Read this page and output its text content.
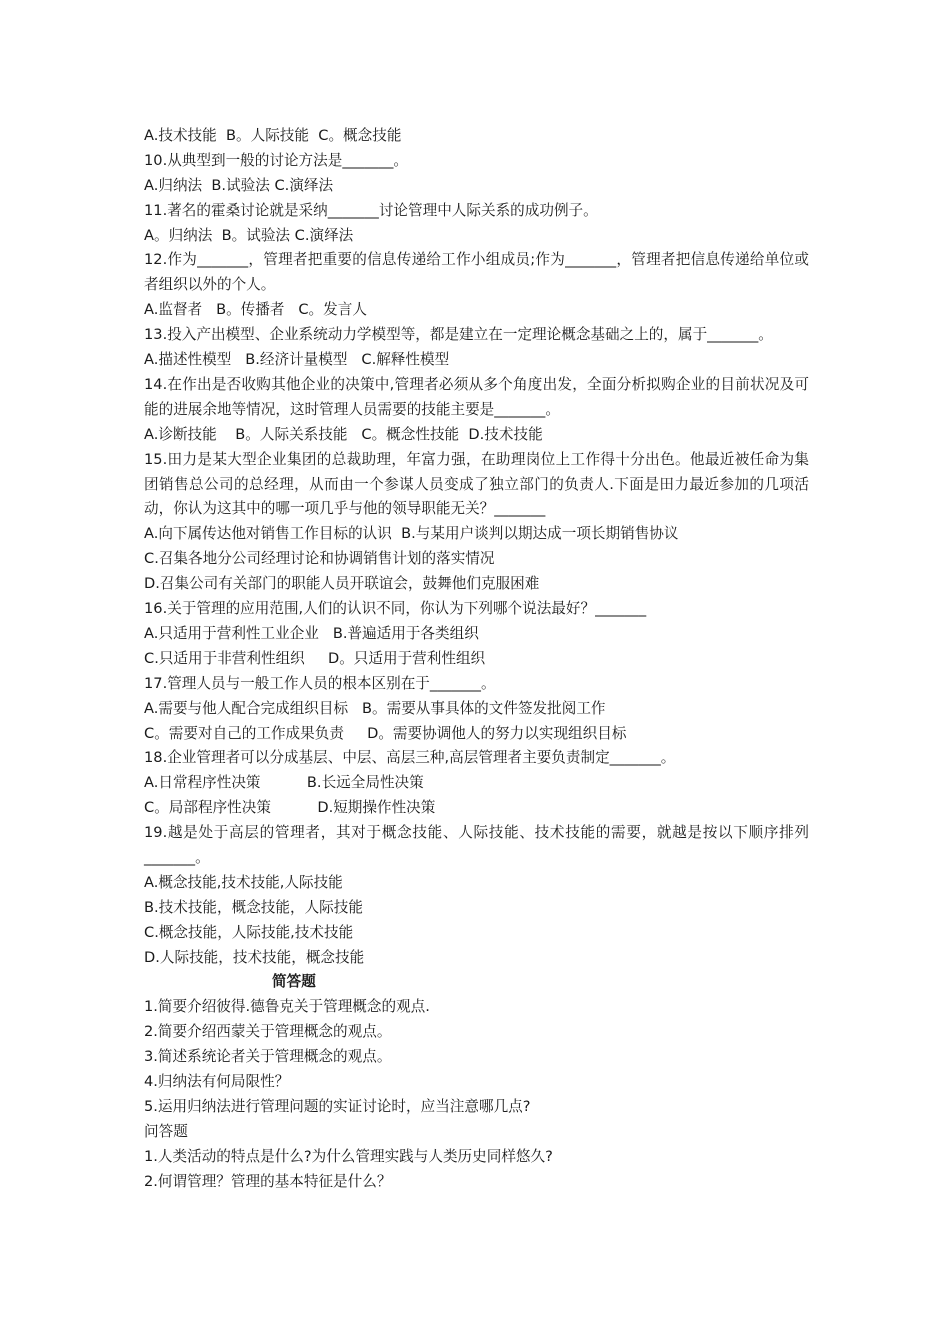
A.技术技能  B。人际技能  C。概念技能
10.从典型到一般的讨论方法是_______。
A.归纳法  B.试验法 C.演绎法
11.著名的霍桑讨论就是采纳_______讨论管理中人际关系的成功例子。
A。归纳法  B。试验法 C.演绎法
12.作为_______，管理者把重要的信息传递给工作小组成员;作为_______，管理者把信息传递给单位或者组织以外的个人。
A.监督者   B。传播者   C。发言人
13.投入产出模型、企业系统动力学模型等，都是建立在一定理论概念基础之上的，属于_______。
A.描述性模型   B.经济计量模型   C.解释性模型
14.在作出是否收购其他企业的决策中,管理者必须从多个角度出发，全面分析拟购企业的目前状况及可能的进展余地等情况，这时管理人员需要的技能主要是_______。
A.诊断技能    B。人际关系技能   C。概念性技能  D.技术技能
15.田力是某大型企业集团的总裁助理，年富力强，在助理岗位上工作得十分出色。他最近被任命为集团销售总公司的总经理，从而由一个参谋人员变成了独立部门的负责人.下面是田力最近参加的几项活动，你认为这其中的哪一项几乎与他的领导职能无关？_______
A.向下属传达他对销售工作目标的认识  B.与某用户谈判以期达成一项长期销售协议
C.召集各地分公司经理讨论和协调销售计划的落实情况
D.召集公司有关部门的职能人员开联谊会，鼓舞他们克服困难
16.关于管理的应用范围,人们的认识不同，你认为下列哪个说法最好？_______
A.只适用于营利性工业企业   B.普遍适用于各类组织
C.只适用于非营利性组织     D。只适用于营利性组织
17.管理人员与一般工作人员的根本区别在于_______。
A.需要与他人配合完成组织目标   B。需要从事具体的文件签发批阅工作
C。需要对自己的工作成果负责     D。需要协调他人的努力以实现组织目标
18.企业管理者可以分成基层、中层、高层三种,高层管理者主要负责制定_______。
A.日常程序性决策          B.长远全局性决策
C。局部程序性决策          D.短期操作性决策
19.越是处于高层的管理者，其对于概念技能、人际技能、技术技能的需要，就越是按以下顺序排列_______。
A.概念技能,技术技能,人际技能
B.技术技能，概念技能，人际技能
C.概念技能，人际技能,技术技能
D.人际技能，技术技能，概念技能
简答题
1.简要介绍彼得.德鲁克关于管理概念的观点.
2.简要介绍西蒙关于管理概念的观点。
3.简述系统论者关于管理概念的观点。
4.归纳法有何局限性？
5.运用归纳法进行管理问题的实证讨论时，应当注意哪几点?
问答题
1.人类活动的特点是什么?为什么管理实践与人类历史同样悠久?
2.何谓管理？管理的基本特征是什么？
